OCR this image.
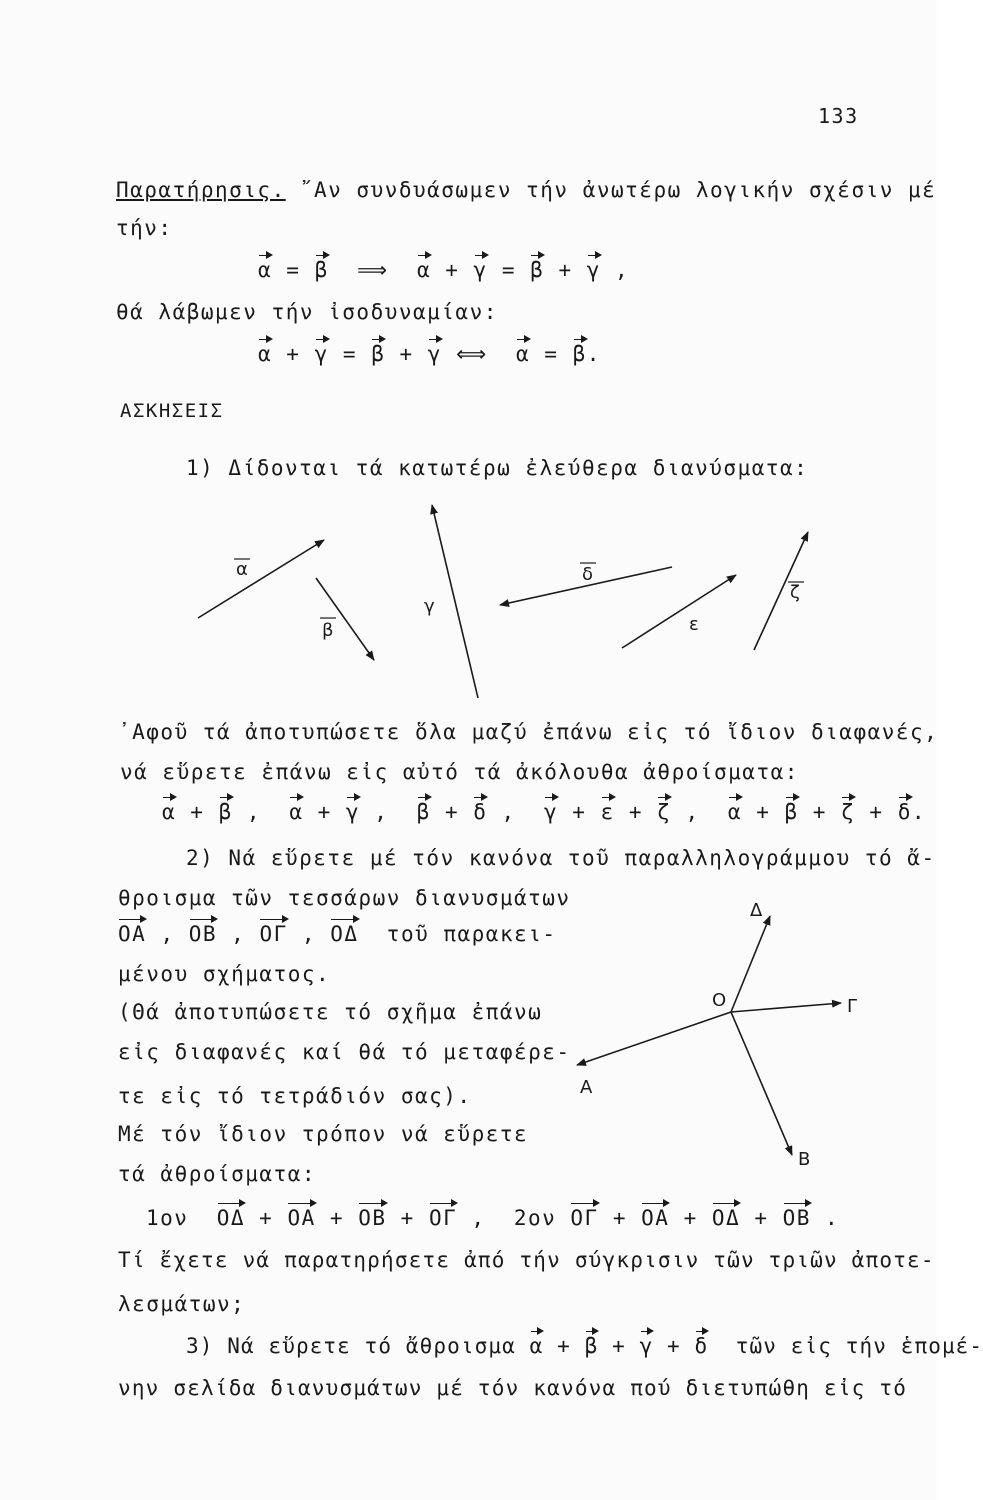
133
Παρατήρησις. ῎Αν συνδυάσωμεν τήν ἀνωτέρω λογικήν σχέσιν μέ
τήν:
α = β ⟹ α + γ = β + γ ,
θά λάβωμεν τήν ἰσοδυναμίαν:
α + γ = β + γ ⟺ α = β.
ΑΣΚΗΣΕΙΣ
1) Δίδονται τά κατωτέρω ἐλεύθερα διανύσματα:
α
β
γ
δ
ε
ζ
Ο
Α
Β
Γ
Δ
᾽Αφοῦ τά ἀποτυπώσετε ὅλα μαζύ ἐπάνω εἰς τό ἴδιον διαφανές,
νά εὕρετε ἐπάνω εἰς αὐτό τά ἀκόλουθα ἀθροίσματα:
α + β ,  α + γ ,  β + δ ,  γ + ε + ζ ,  α + β + ζ + δ.
2) Νά εὕρετε μέ τόν κανόνα τοῦ παραλληλογράμμου τό ἄ-
θροισμα τῶν τεσσάρων διανυσμάτων
ΟΑ , ΟΒ , ΟΓ , ΟΔ τοῦ παρακει-
μένου σχήματος.
(Θά ἀποτυπώσετε τό σχῆμα ἐπάνω
εἰς διαφανές καί θά τό μεταφέρε-
τε εἰς τό τετράδιόν σας).
Μέ τόν ἴδιον τρόπον νά εὕρετε
τά ἀθροίσματα:
1ον ΟΔ + ΟΑ + ΟΒ + ΟΓ ,  2ον ΟΓ + ΟΑ + ΟΔ + ΟΒ .
Τί ἔχετε νά παρατηρήσετε ἀπό τήν σύγκρισιν τῶν τριῶν ἀποτε-
λεσμάτων;
3) Νά εὕρετε τό ἄθροισμα α + β + γ + δ τῶν εἰς τήν ἑπομέ-
νην σελίδα διανυσμάτων μέ τόν κανόνα πού διετυπώθη εἰς τό
